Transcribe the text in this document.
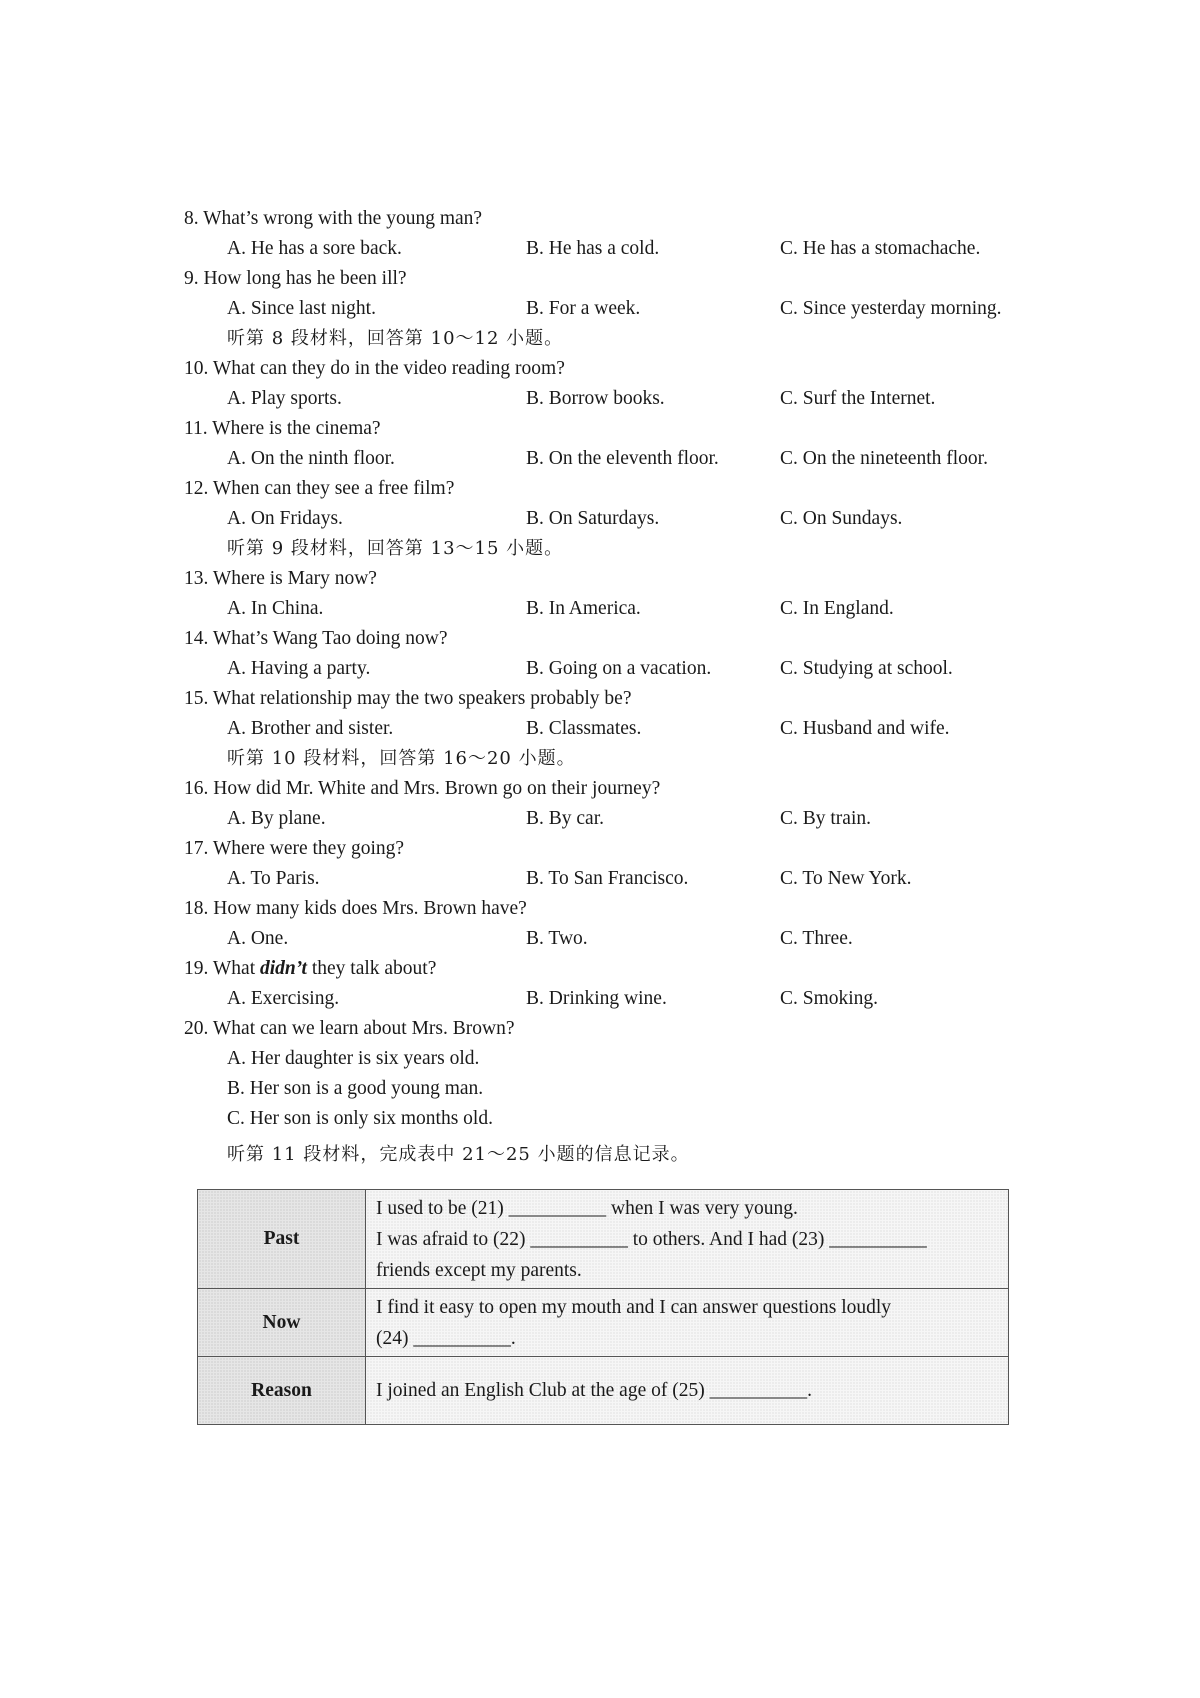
8. What’s wrong with the young man?
A. He has a sore back.	B. He has a cold.	C. He has a stomachache.
9. How long has he been ill?
A. Since last night.	B. For a week.	C. Since yesterday morning.
听第 8 段材料，回答第 10～12 小题。
10. What can they do in the video reading room?
A. Play sports.	B. Borrow books.	C. Surf the Internet.
11. Where is the cinema?
A. On the ninth floor.	B. On the eleventh floor.	C. On the nineteenth floor.
12. When can they see a free film?
A. On Fridays.	B. On Saturdays.	C. On Sundays.
听第 9 段材料，回答第 13～15 小题。
13. Where is Mary now?
A. In China.	B. In America.	C. In England.
14. What’s Wang Tao doing now?
A. Having a party.	B. Going on a vacation.	C. Studying at school.
15. What relationship may the two speakers probably be?
A. Brother and sister.	B. Classmates.	C. Husband and wife.
听第 10 段材料，回答第 16～20 小题。
16. How did Mr. White and Mrs. Brown go on their journey?
A. By plane.	B. By car.	C. By train.
17. Where were they going?
A. To Paris.	B. To San Francisco.	C. To New York.
18. How many kids does Mrs. Brown have?
A. One.	B. Two.	C. Three.
19. What didn’t they talk about?
A. Exercising.	B. Drinking wine.	C. Smoking.
20. What can we learn about Mrs. Brown?
A. Her daughter is six years old.
B. Her son is a good young man.
C. Her son is only six months old.
听第 11 段材料，完成表中 21～25 小题的信息记录。
Past	I used to be (21) __________ when I was very young.
I was afraid to (22) __________ to others. And I had (23) __________
friends except my parents.

Now	I find it easy to open my mouth and I can answer questions loudly
(24) __________.

Reason	I joined an English Club at the age of (25) __________.
